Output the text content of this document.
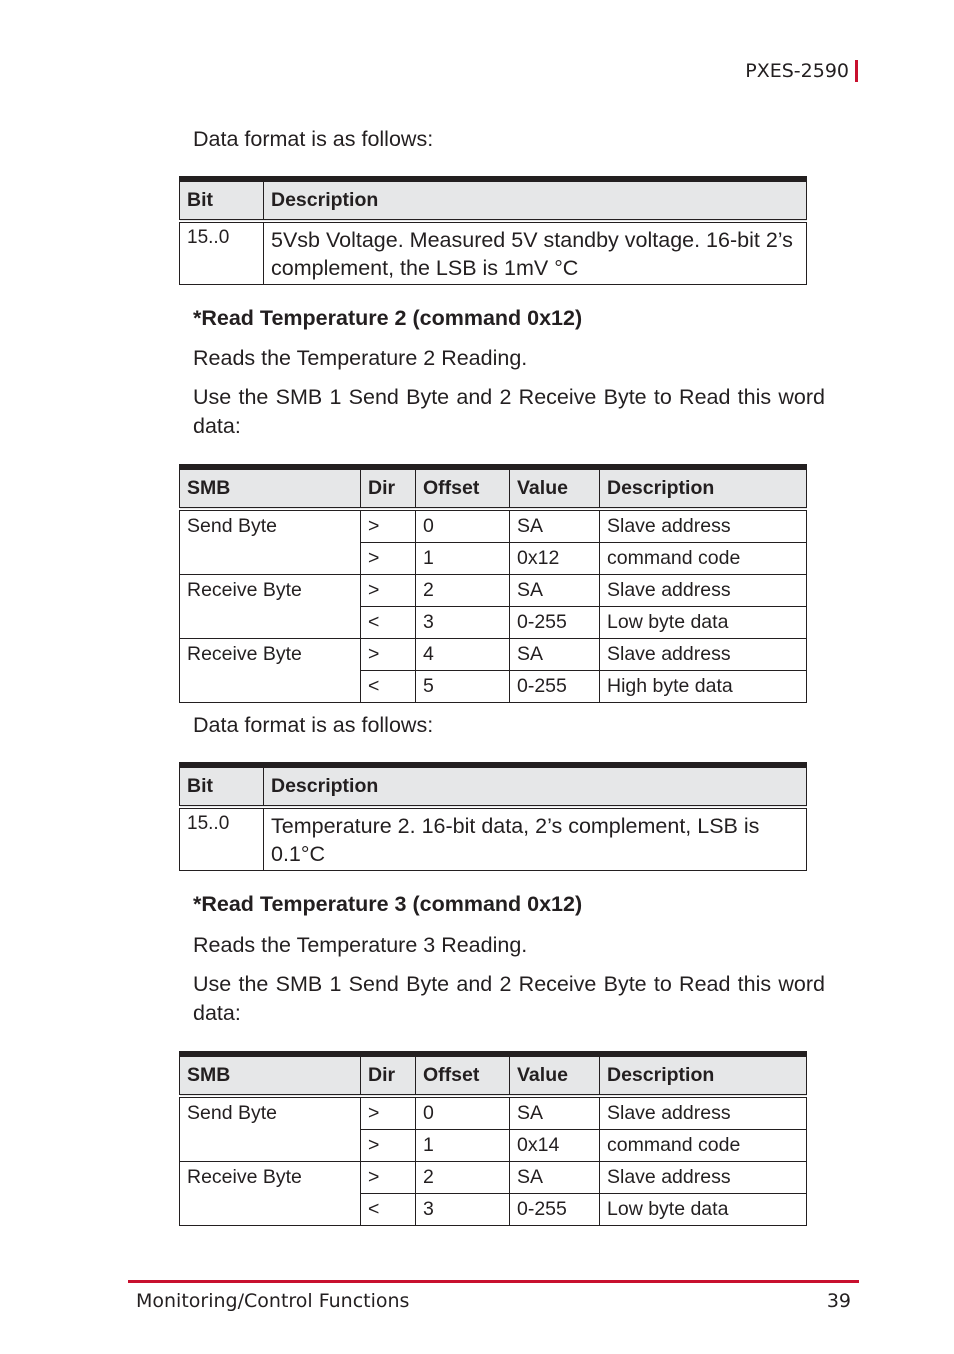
PXES-2590

Data format is as follows:

Bit	Description
15..0	5Vsb Voltage. Measured 5V standby voltage. 16-bit 2’s complement, the LSB is 1mV °C

*Read Temperature 2 (command 0x12)

Reads the Temperature 2 Reading.

Use the SMB 1 Send Byte and 2 Receive Byte to Read this word data:

SMB	Dir	Offset	Value	Description
Send Byte	>	0	SA	Slave address
	>	1	0x12	command code
Receive Byte	>	2	SA	Slave address
	<	3	0-255	Low byte data
Receive Byte	>	4	SA	Slave address
	<	5	0-255	High byte data

Data format is as follows:

Bit	Description
15..0	Temperature 2. 16-bit data, 2’s complement, LSB is 0.1°C

*Read Temperature 3 (command 0x12)

Reads the Temperature 3 Reading.

Use the SMB 1 Send Byte and 2 Receive Byte to Read this word data:

SMB	Dir	Offset	Value	Description
Send Byte	>	0	SA	Slave address
	>	1	0x14	command code
Receive Byte	>	2	SA	Slave address
	<	3	0-255	Low byte data
Monitoring/Control Functions	39
